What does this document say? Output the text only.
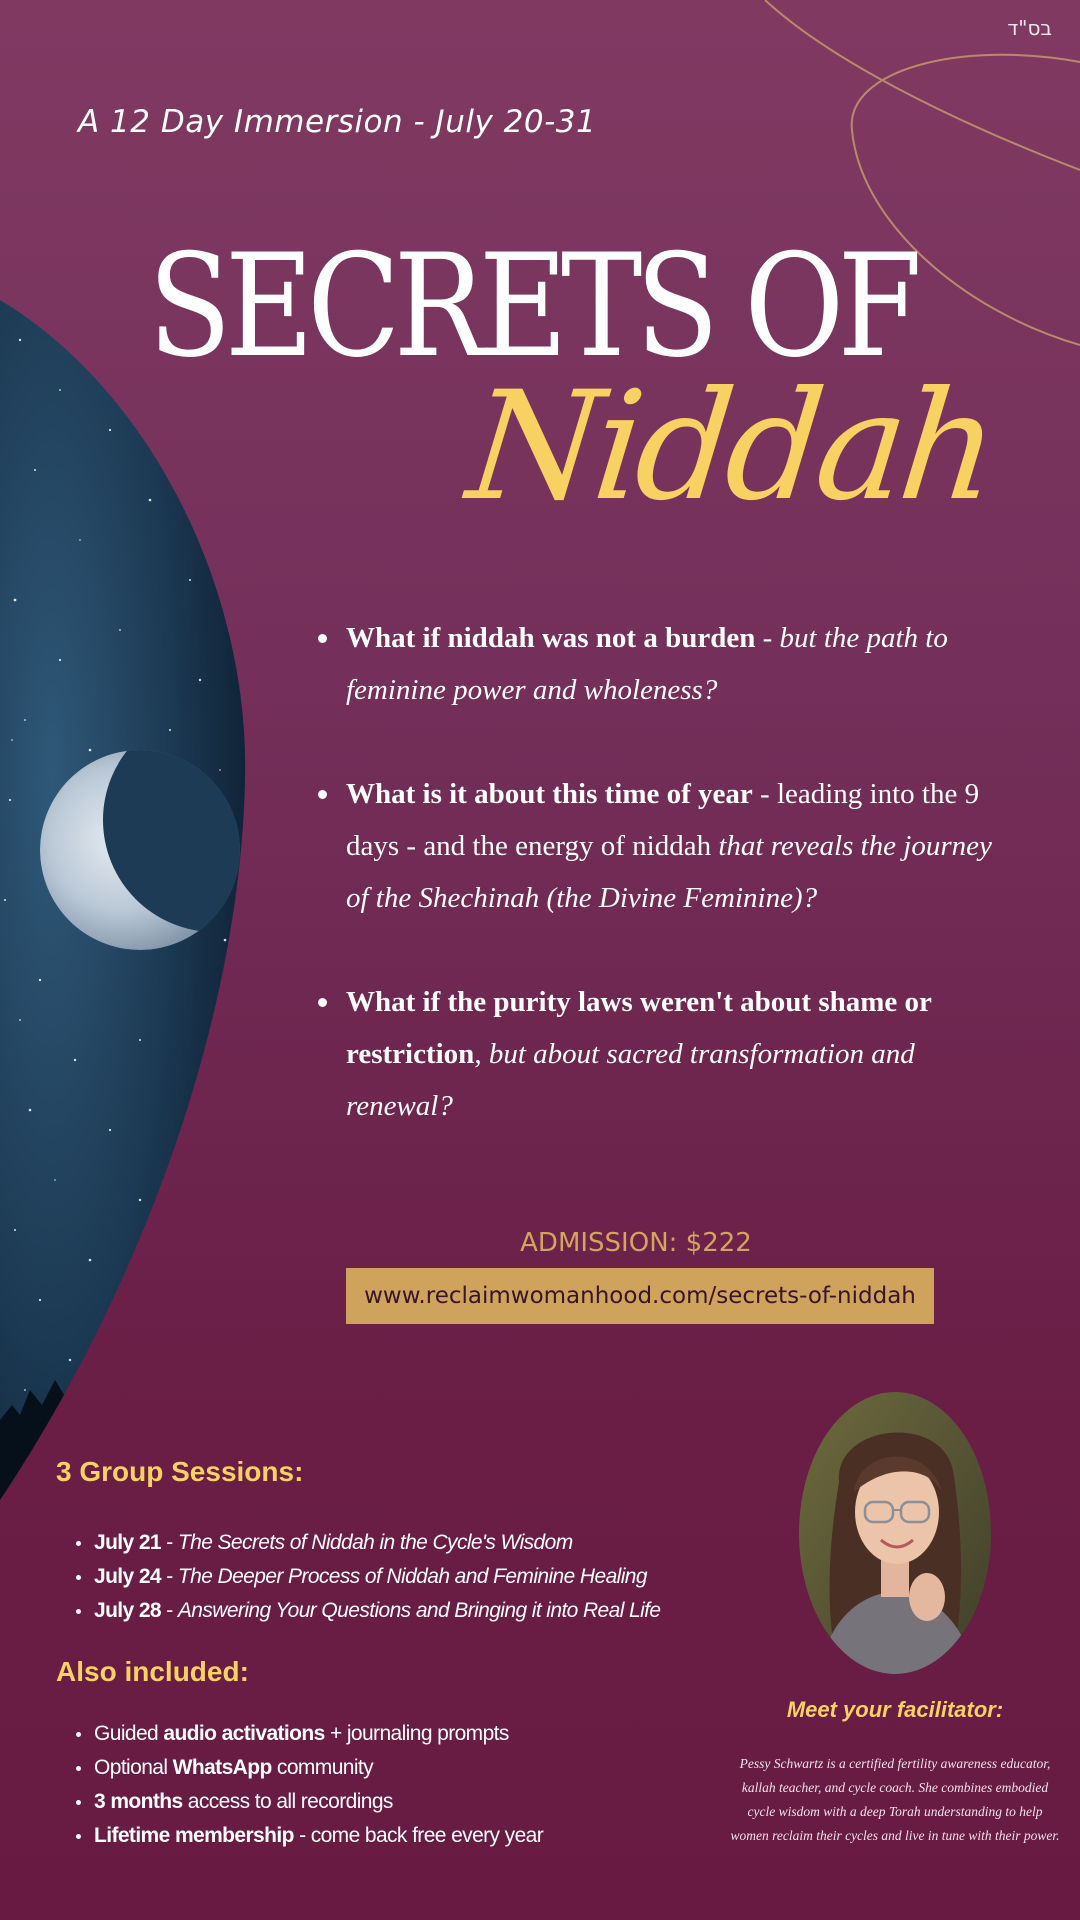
בס"ד
A 12 Day Immersion - July 20-31
SECRETS OF
Niddah
What if niddah was not a burden - but the path to feminine power and wholeness?
What is it about this time of year - leading into the 9 days - and the energy of niddah that reveals the journey of the Shechinah (the Divine Feminine)?
What if the purity laws weren't about shame or restriction, but about sacred transformation and renewal?
ADMISSION: $222
www.reclaimwomanhood.com/secrets-of-niddah
3 Group Sessions:
July 21 - The Secrets of Niddah in the Cycle's Wisdom
July 24 - The Deeper Process of Niddah and Feminine Healing
July 28 - Answering Your Questions and Bringing it into Real Life
Also included:
Guided audio activations + journaling prompts
Optional WhatsApp community
3 months access to all recordings
Lifetime membership - come back free every year
Meet your facilitator:
Pessy Schwartz is a certified fertility awareness educator, kallah teacher, and cycle coach. She combines embodied cycle wisdom with a deep Torah understanding to help women reclaim their cycles and live in tune with their power.
